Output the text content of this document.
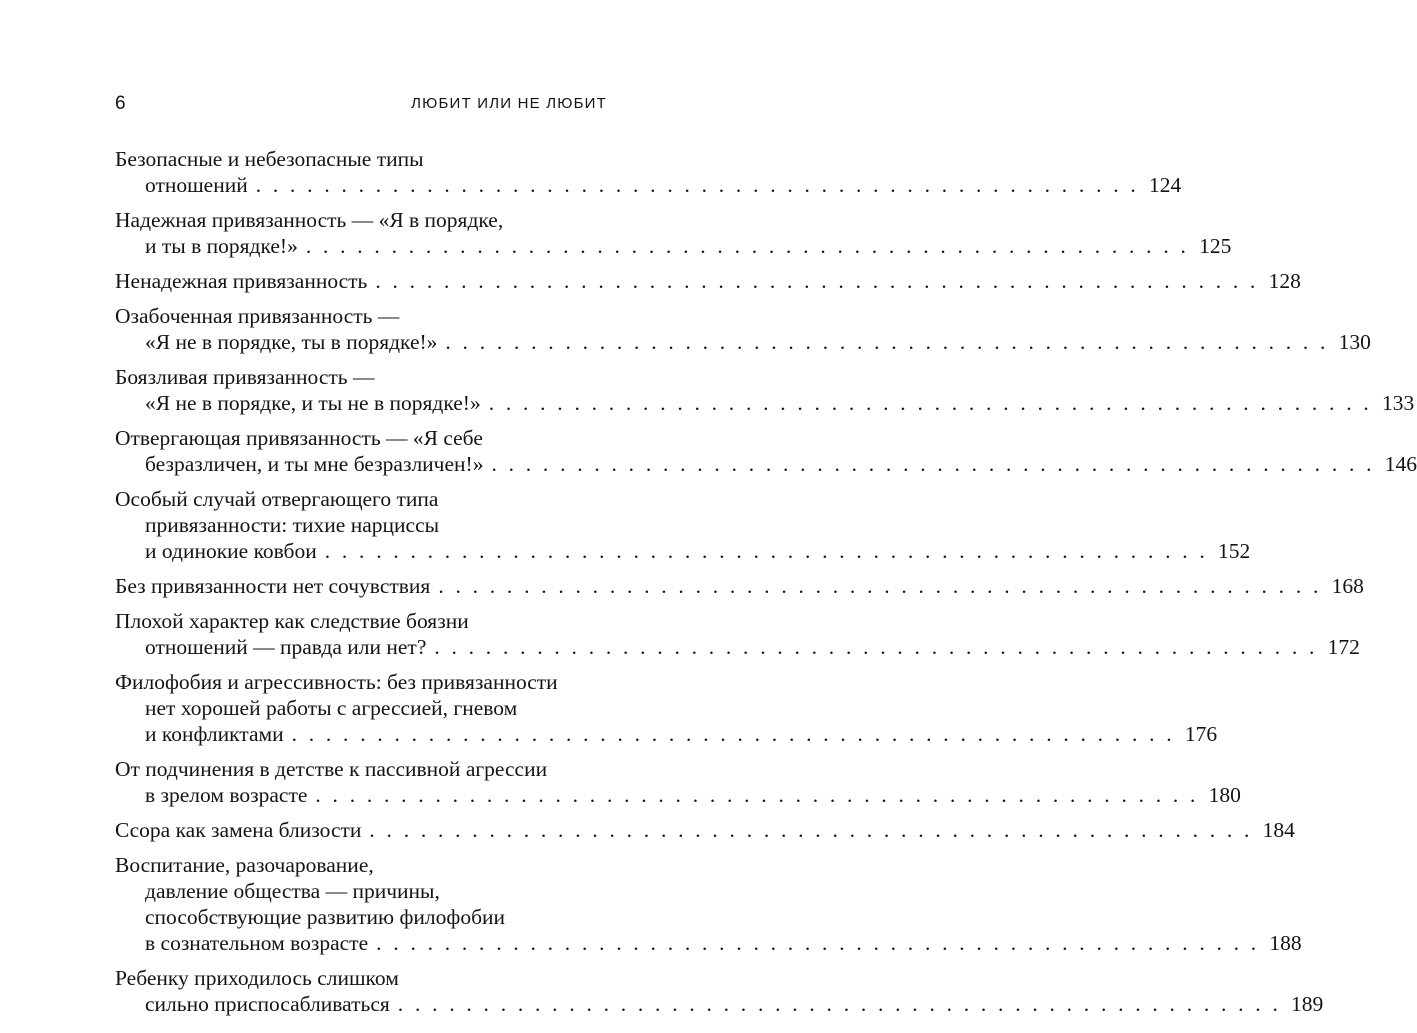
6	ЛЮБИТ ИЛИ НЕ ЛЮБИТ
Безопасные и небезопасные типы
отношений . . . . . . . . . . . . . . . . . . . . . . . . . . . . . . . . . . . . . . . . . . . . . . . . . . . . 124
Надежная привязанность — «Я в порядке,
и ты в порядке!» . . . . . . . . . . . . . . . . . . . . . . . . . . . . . . . . . . . . . . . . . . . . . . . . . . . . 125
Ненадежная привязанность . . . . . . . . . . . . . . . . . . . . . . . . . . . . . . . . . . . . . . . . . . . . . . . . . . . . 128
Озабоченная привязанность —
«Я не в порядке, ты в порядке!» . . . . . . . . . . . . . . . . . . . . . . . . . . . . . . . . . . . . . . . . . . . . . . . . . . . . 130
Боязливая привязанность —
«Я не в порядке, и ты не в порядке!» . . . . . . . . . . . . . . . . . . . . . . . . . . . . . . . . . . . . . . . . . . . . . . . . . . . . 133
Отвергающая привязанность — «Я себе
безразличен, и ты мне безразличен!» . . . . . . . . . . . . . . . . . . . . . . . . . . . . . . . . . . . . . . . . . . . . . . . . . . . . 146
Особый случай отвергающего типа
привязанности: тихие нарциссы
и одинокие ковбои . . . . . . . . . . . . . . . . . . . . . . . . . . . . . . . . . . . . . . . . . . . . . . . . . . . . 152
Без привязанности нет сочувствия . . . . . . . . . . . . . . . . . . . . . . . . . . . . . . . . . . . . . . . . . . . . . . . . . . . . 168
Плохой характер как следствие боязни
отношений — правда или нет? . . . . . . . . . . . . . . . . . . . . . . . . . . . . . . . . . . . . . . . . . . . . . . . . . . . . 172
Филофобия и агрессивность: без привязанности
нет хорошей работы с агрессией, гневом
и конфликтами . . . . . . . . . . . . . . . . . . . . . . . . . . . . . . . . . . . . . . . . . . . . . . . . . . . . 176
От подчинения в детстве к пассивной агрессии
в зрелом возрасте . . . . . . . . . . . . . . . . . . . . . . . . . . . . . . . . . . . . . . . . . . . . . . . . . . . . 180
Ссора как замена близости . . . . . . . . . . . . . . . . . . . . . . . . . . . . . . . . . . . . . . . . . . . . . . . . . . . . 184
Воспитание, разочарование,
давление общества — причины,
способствующие развитию филофобии
в сознательном возрасте . . . . . . . . . . . . . . . . . . . . . . . . . . . . . . . . . . . . . . . . . . . . . . . . . . . . 188
Ребенку приходилось слишком
сильно приспосабливаться . . . . . . . . . . . . . . . . . . . . . . . . . . . . . . . . . . . . . . . . . . . . . . . . . . . . 189
